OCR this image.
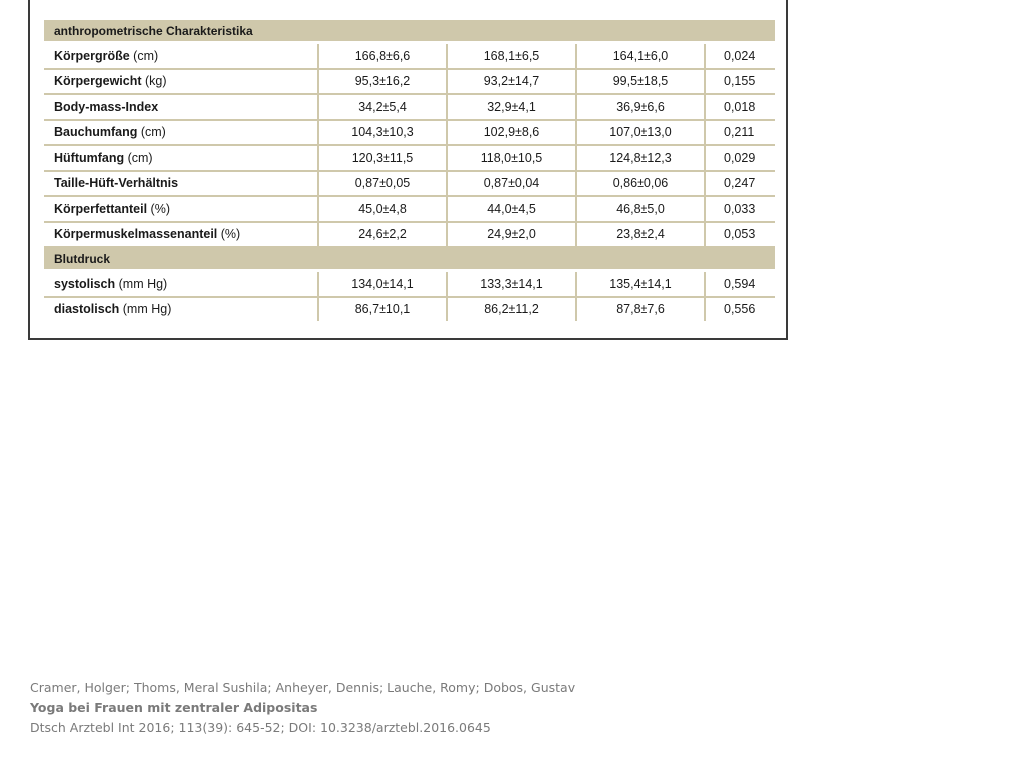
anthropometrische Charakteristika				
Körpergröße (cm)	166,8±6,6	168,1±6,5	164,1±6,0	0,024
Körpergewicht (kg)	95,3±16,2	93,2±14,7	99,5±18,5	0,155
Body-mass-Index	34,2±5,4	32,9±4,1	36,9±6,6	0,018
Bauchumfang (cm)	104,3±10,3	102,9±8,6	107,0±13,0	0,211
Hüftumfang (cm)	120,3±11,5	118,0±10,5	124,8±12,3	0,029
Taille-Hüft-Verhältnis	0,87±0,05	0,87±0,04	0,86±0,06	0,247
Körperfettanteil (%)	45,0±4,8	44,0±4,5	46,8±5,0	0,033
Körpermuskelmassenanteil (%)	24,6±2,2	24,9±2,0	23,8±2,4	0,053
Blutdruck				
systolisch (mm Hg)	134,0±14,1	133,3±14,1	135,4±14,1	0,594
diastolisch (mm Hg)	86,7±10,1	86,2±11,2	87,8±7,6	0,556
Cramer, Holger; Thoms, Meral Sushila; Anheyer, Dennis; Lauche, Romy; Dobos, Gustav
Yoga bei Frauen mit zentraler Adipositas
Dtsch Arztebl Int 2016; 113(39): 645-52; DOI: 10.3238/arztebl.2016.0645
